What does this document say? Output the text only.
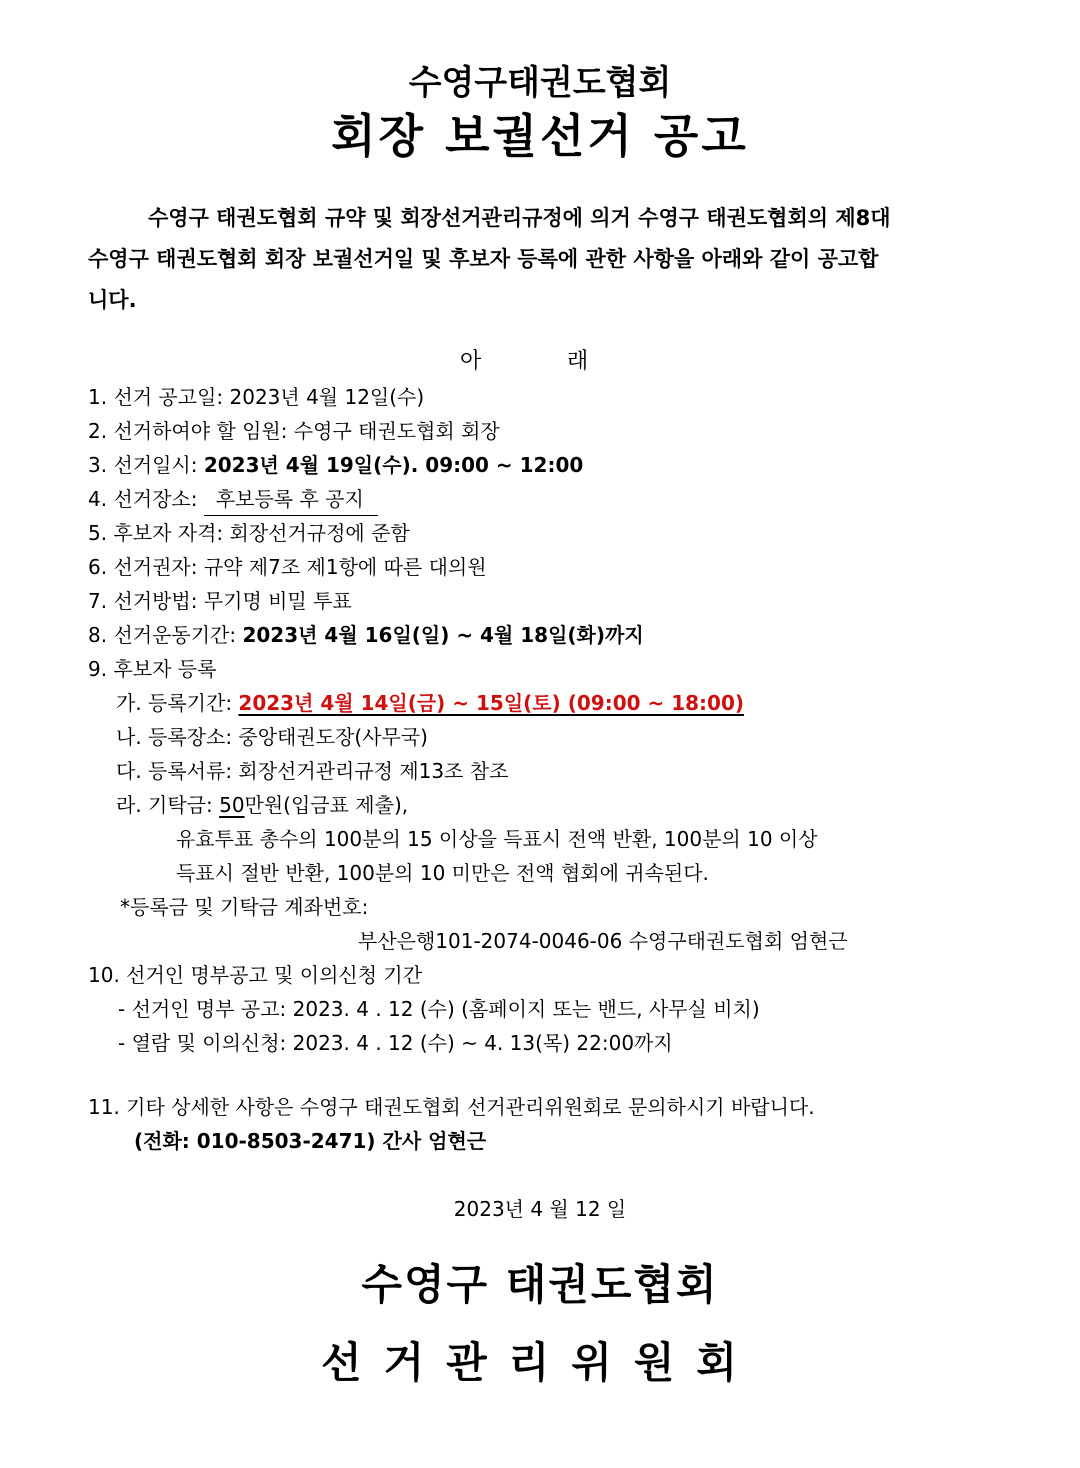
수영구태권도협회
회장 보궐선거 공고
수영구 태권도협회 규약 및 회장선거관리규정에 의거 수영구 태권도협회의 제8대
수영구 태권도협회 회장 보궐선거일 및 후보자 등록에 관한 사항을 아래와 같이 공고합
니다.
아	래
1. 선거 공고일: 2023년 4월 12일(수)
2. 선거하여야 할 임원: 수영구 태권도협회 회장
3. 선거일시: 2023년 4월 19일(수). 09:00 ~ 12:00
4. 선거장소: 후보등록 후 공지
5. 후보자 자격: 회장선거규정에 준함
6. 선거권자: 규약 제7조 제1항에 따른 대의원
7. 선거방법: 무기명 비밀 투표
8. 선거운동기간: 2023년 4월 16일(일) ~ 4월 18일(화)까지
9. 후보자 등록
가. 등록기간: 2023년 4월 14일(금) ~ 15일(토) (09:00 ~ 18:00)
나. 등록장소: 중앙태권도장(사무국)
다. 등록서류: 회장선거관리규정 제13조 참조
라. 기탁금: 50만원(입금표 제출),
유효투표 총수의 100분의 15 이상을 득표시 전액 반환, 100분의 10 이상
득표시 절반 반환, 100분의 10 미만은 전액 협회에 귀속된다.
*등록금 및 기탁금 계좌번호:
부산은행101-2074-0046-06 수영구태권도협회 엄현근
10. 선거인 명부공고 및 이의신청 기간
- 선거인 명부 공고: 2023. 4 . 12 (수) (홈페이지 또는 밴드, 사무실 비치)
- 열람 및 이의신청: 2023. 4 . 12 (수) ~ 4. 13(목) 22:00까지
11. 기타 상세한 사항은 수영구 태권도협회 선거관리위원회로 문의하시기 바랍니다.
(전화: 010-8503-2471) 간사 엄현근
2023년 4 월 12 일
수영구 태권도협회
선거관리위원회
